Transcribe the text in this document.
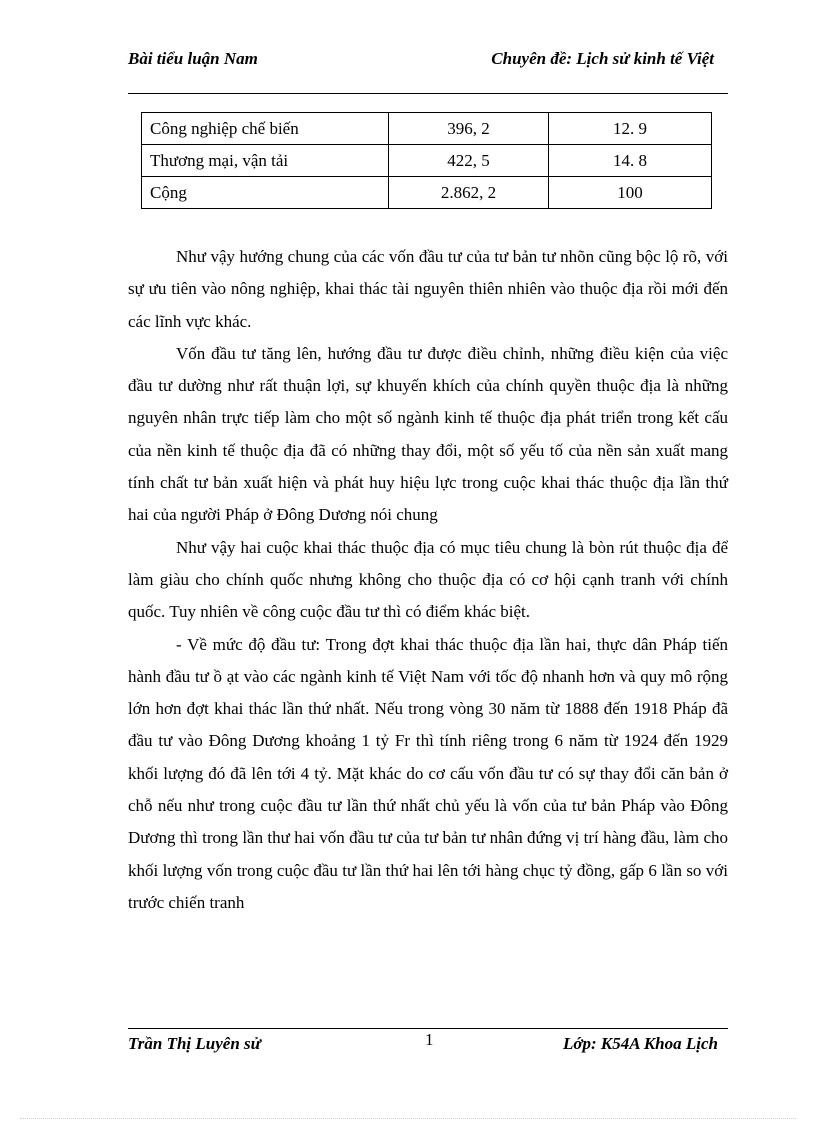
Bài tiểu luận Nam	Chuyên đề: Lịch sử kinh tế Việt
Công nghiệp chế biến	396, 2	12. 9
Thương mại, vận tải	422, 5	14. 8
Cộng	2.862, 2	100

Như vậy hướng chung của các vốn đầu tư của tư bản tư nhõn cũng bộc lộ rõ, với sự ưu tiên vào nông nghiệp, khai thác tài nguyên thiên nhiên vào thuộc địa rồi mới đến các lĩnh vực khác.

Vốn đầu tư tăng lên, hướng đầu tư được điều chỉnh, những điều kiện của việc đầu tư dường như rất thuận lợi, sự khuyến khích của chính quyền thuộc địa là những nguyên nhân trực tiếp làm cho một số ngành kinh tế thuộc địa phát triển trong kết cấu của nền kinh tế thuộc địa đã có những thay đổi, một số yếu tố của nền sản xuất mang tính chất tư bản xuất hiện và phát huy hiệu lực trong cuộc khai thác thuộc địa lần thứ hai của người Pháp ở Đông Dương nói chung

Như vậy hai cuộc khai thác thuộc địa có mục tiêu chung là bòn rút thuộc địa để làm giàu cho chính quốc nhưng không cho thuộc địa có cơ hội cạnh tranh với chính quốc. Tuy nhiên về công cuộc đầu tư thì có điểm khác biệt.

- Về mức độ đầu tư: Trong đợt khai thác thuộc địa lần hai, thực dân Pháp tiến hành đầu tư ồ ạt vào các ngành kinh tế Việt Nam với tốc độ nhanh hơn và quy mô rộng lớn hơn đợt khai thác lần thứ nhất. Nếu trong vòng 30 năm từ 1888 đến 1918 Pháp đã đầu tư vào Đông Dương khoảng 1 tỷ Fr thì tính riêng trong 6 năm từ 1924 đến 1929 khối lượng đó đã lên tới 4 tỷ. Mặt khác do cơ cấu vốn đầu tư có sự thay đổi căn bản ở chỗ nếu như trong cuộc đầu tư lần thứ nhất chủ yếu là vốn của tư bản Pháp vào Đông Dương thì trong lần thư hai vốn đầu tư của tư bản tư nhân đứng vị trí hàng đầu, làm cho khối lượng vốn trong cuộc đầu tư lần thứ hai lên tới hàng chục tỷ đồng, gấp 6 lần so với trước chiến tranh

Trần Thị Luyên sử	1	Lớp: K54A Khoa Lịch
